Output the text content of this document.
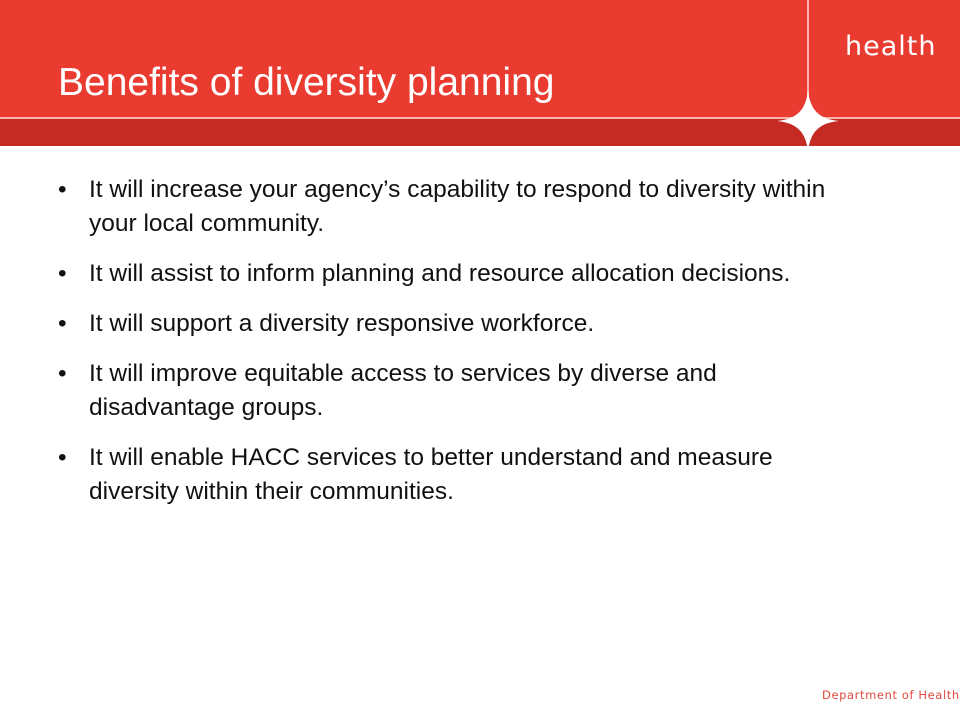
health
Benefits of diversity planning
• It will increase your agency’s capability to respond to diversity within your local community.
• It will assist to inform planning and resource allocation decisions.
• It will support a diversity responsive workforce.
• It will improve equitable access to services by diverse and disadvantage groups.
• It will enable HACC services to better understand and measure diversity within their communities.
Department of Health
